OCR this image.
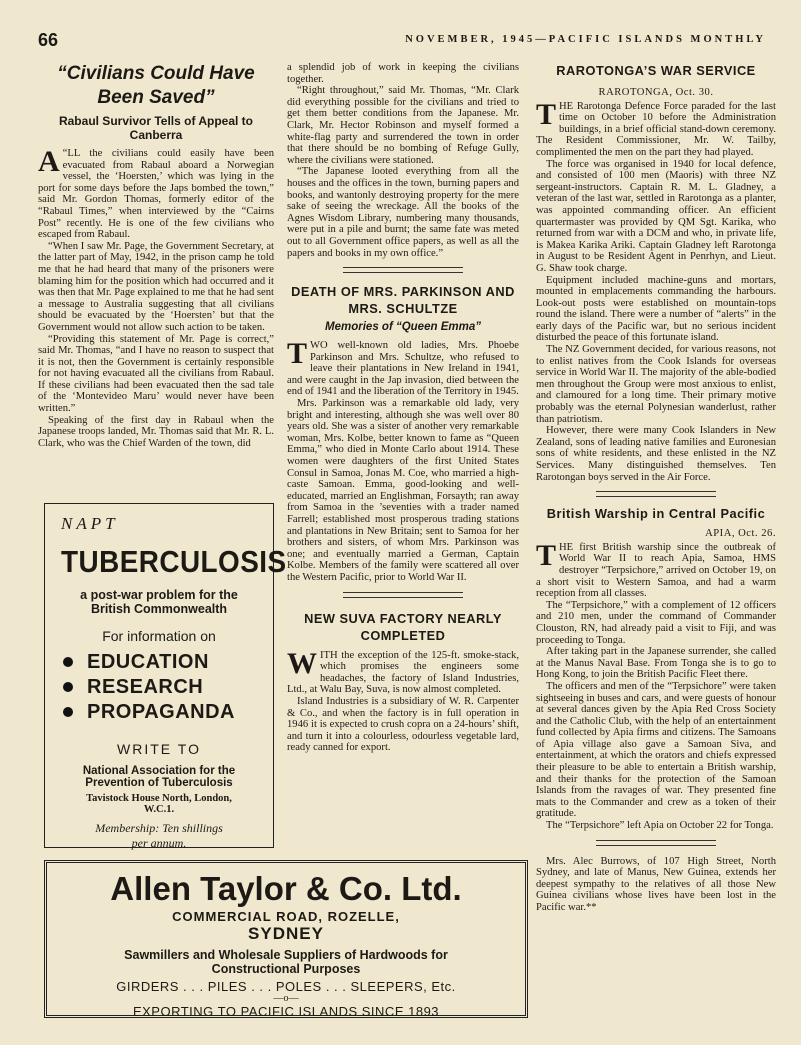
66	NOVEMBER, 1945—PACIFIC ISLANDS MONTHLY
“Civilians Could Have Been Saved”
Rabaul Survivor Tells of Appeal to Canberra
A “LL the civilians could easily have been evacuated from Rabaul aboard a Norwegian vessel, the ‘Hoersten,’ which was lying in the port for some days before the Japs bombed the town,” said Mr. Gordon Thomas, formerly editor of the “Rabaul Times,” when interviewed by the “Cairns Post” recently. He is one of the few civilians who escaped from Rabaul.

“When I saw Mr. Page, the Government Secretary, at the latter part of May, 1942, in the prison camp he told me that he had heard that many of the prisoners were blaming him for the position which had occurred and it was then that Mr. Page explained to me that he had sent a message to Australia suggesting that all civilians should be evacuated by the ‘Hoersten’ but that the Government would not allow such action to be taken.

“Providing this statement of Mr. Page is correct,” said Mr. Thomas, “and I have no reason to suspect that it is not, then the Government is certainly responsible for not having evacuated all the civilians from Rabaul. If these civilians had been evacuated then the sad tale of the ‘Montevideo Maru’ would never have been written.”

Speaking of the first day in Rabaul when the Japanese troops landed, Mr. Thomas said that Mr. R. L. Clark, who was the Chief Warden of the town, did

NAPT
TUBERCULOSIS
a post-war problem for the
British Commonwealth
For information on
EDUCATION
RESEARCH
PROPAGANDA
WRITE TO
National Association for the
Prevention of Tuberculosis
Tavistock House North, London,
W.C.1.
Membership: Ten shillings
per annum.

a splendid job of work in keeping the civilians together.

“Right throughout,” said Mr. Thomas, “Mr. Clark did everything possible for the civilians and tried to get them better conditions from the Japanese. Mr. Clark, Mr. Hector Robinson and myself formed a white-flag party and surrendered the town in order that there should be no bombing of Refuge Gully, where the civilians were stationed.

“The Japanese looted everything from all the houses and the offices in the town, burning papers and books, and wantonly destroying property for the mere sake of seeing the wreckage. All the books of the Agnes Wisdom Library, numbering many thousands, were put in a pile and burnt; the same fate was meted out to all Government office papers, as well as all the papers and books in my own office.”

DEATH OF MRS. PARKINSON AND MRS. SCHULTZE
Memories of “Queen Emma”
T WO well-known old ladies, Mrs. Phoebe Parkinson and Mrs. Schultze, who refused to leave their plantations in New Ireland in 1941, and were caught in the Jap invasion, died between the end of 1941 and the liberation of the Territory in 1945.

Mrs. Parkinson was a remarkable old lady, very bright and interesting, although she was well over 80 years old. She was a sister of another very remarkable woman, Mrs. Kolbe, better known to fame as “Queen Emma,” who died in Monte Carlo about 1914. These women were daughters of the first United States Consul in Samoa, Jonas M. Coe, who married a high-caste Samoan. Emma, good-looking and well-educated, married an Englishman, Forsayth; ran away from Samoa in the ’seventies with a trader named Farrell; established most prosperous trading stations and plantations in New Britain; sent to Samoa for her brothers and sisters, of whom Mrs. Parkinson was one; and eventually married a German, Captain Kolbe. Members of the family were scattered all over the Western Pacific, prior to World War II.

NEW SUVA FACTORY NEARLY COMPLETED
W ITH the exception of the 125-ft. smoke-stack, which promises the engineers some headaches, the factory of Island Industries, Ltd., at Walu Bay, Suva, is now almost completed.

Island Industries is a subsidiary of W. R. Carpenter & Co., and when the factory is in full operation in 1946 it is expected to crush copra on a 24-hours’ shift, and turn it into a colourless, odourless vegetable lard, ready canned for export.

RAROTONGA’S WAR SERVICE
RAROTONGA, Oct. 30.
T HE Rarotonga Defence Force paraded for the last time on October 10 before the Administration buildings, in a brief official stand-down ceremony. The Resident Commissioner, Mr. W. Tailby, complimented the men on the part they had played.

The force was organised in 1940 for local defence, and consisted of 100 men (Maoris) with three NZ sergeant-instructors. Captain R. M. L. Gladney, a veteran of the last war, settled in Rarotonga as a planter, was appointed commanding officer. An efficient quartermaster was provided by QM Sgt. Karika, who returned from war with a DCM and who, in private life, is Makea Karika Ariki. Captain Gladney left Rarotonga in August to be Resident Agent in Penrhyn, and Lieut. G. Shaw took charge.

Equipment included machine-guns and mortars, mounted in emplacements commanding the harbours. Look-out posts were established on mountain-tops round the island. There were a number of “alerts” in the early days of the Pacific war, but no serious incident disturbed the peace of this fortunate island.

The NZ Government decided, for various reasons, not to enlist natives from the Cook Islands for overseas service in World War II. The majority of the able-bodied men throughout the Group were most anxious to enlist, and clamoured for a long time. Their primary motive probably was the eternal Polynesian wanderlust, rather than patriotism.

However, there were many Cook Islanders in New Zealand, sons of leading native families and Euronesian sons of white residents, and these enlisted in the NZ Services. Many distinguished themselves. Ten Rarotongan boys served in the Air Force.

British Warship in Central Pacific
APIA, Oct. 26.
T HE first British warship since the outbreak of World War II to reach Apia, Samoa, HMS destroyer “Terpsichore,” arrived on October 19, on a short visit to Western Samoa, and had a warm reception from all classes.

The “Terpsichore,” with a complement of 12 officers and 210 men, under the command of Commander Clouston, RN, had already paid a visit to Fiji, and was proceeding to Tonga.

After taking part in the Japanese surrender, she called at the Manus Naval Base. From Tonga she is to go to Hong Kong, to join the British Pacific Fleet there.

The officers and men of the “Terpsichore” were taken sightseeing in buses and cars, and were guests of honour at several dances given by the Apia Red Cross Society and the Catholic Club, with the help of an entertainment fund collected by Apia firms and citizens. The Samoans of Apia village also gave a Samoan Siva, and entertainment, at which the orators and chiefs expressed their pleasure to be able to entertain a British warship, and their thanks for the protection of the Samoan Islands from the ravages of war. They presented fine mats to the Commander and crew as a token of their gratitude.

The “Terpsichore” left Apia on October 22 for Tonga.

Mrs. Alec Burrows, of 107 High Street, North Sydney, and late of Manus, New Guinea, extends her deepest sympathy to the relatives of all those New Guinea civilians whose lives have been lost in the Pacific war.**

Allen Taylor & Co. Ltd.
COMMERCIAL ROAD, ROZELLE,
SYDNEY
Sawmillers and Wholesale Suppliers of Hardwoods for
Constructional Purposes
GIRDERS . . . PILES . . . POLES . . . SLEEPERS, Etc.
—o—
EXPORTING TO PACIFIC ISLANDS SINCE 1893
